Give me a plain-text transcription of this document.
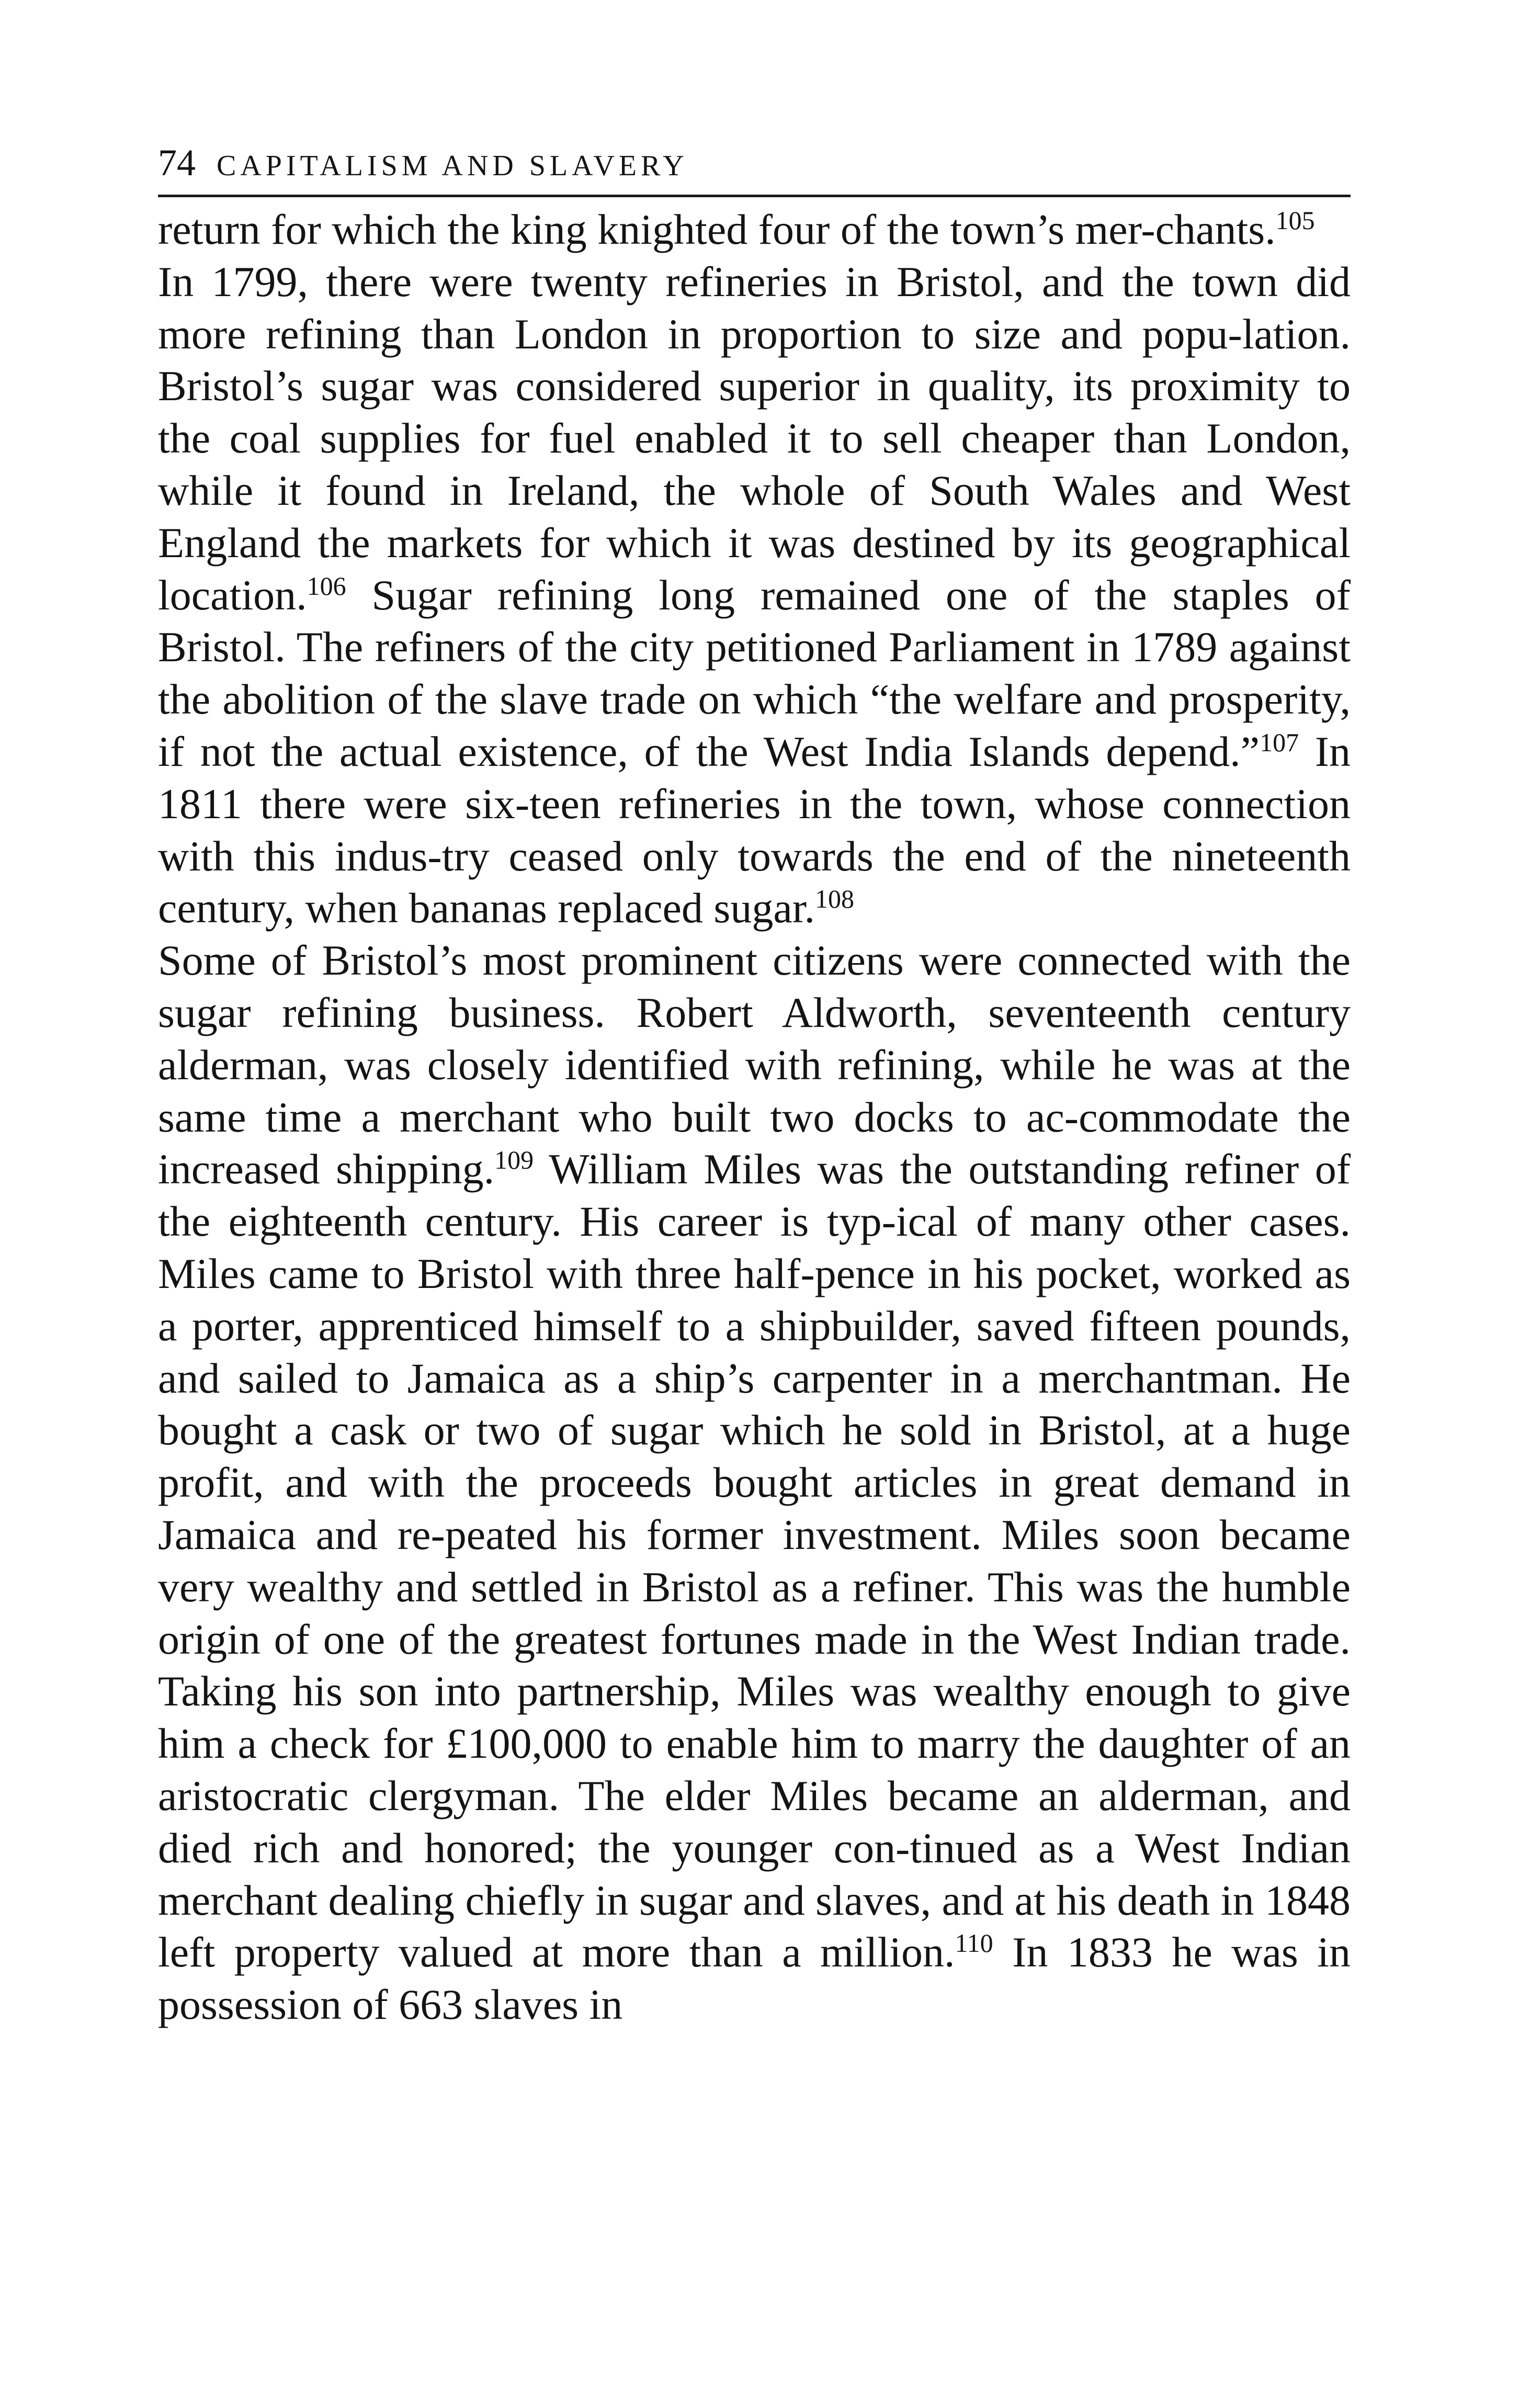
74 CAPITALISM AND SLAVERY

return for which the king knighted four of the town’s mer-chants.$^{105}$

In 1799, there were twenty refineries in Bristol, and the town did more refining than London in proportion to size and popu-lation. Bristol’s sugar was considered superior in quality, its proximity to the coal supplies for fuel enabled it to sell cheaper than London, while it found in Ireland, the whole of South Wales and West England the markets for which it was destined by its geographical location.$^{106}$ Sugar refining long remained one of the staples of Bristol. The refiners of the city petitioned Parliament in 1789 against the abolition of the slave trade on which “the welfare and prosperity, if not the actual existence, of the West India Islands depend.”$^{107}$ In 1811 there were six-teen refineries in the town, whose connection with this indus-try ceased only towards the end of the nineteenth century, when bananas replaced sugar.$^{108}$

Some of Bristol’s most prominent citizens were connected with the sugar refining business. Robert Aldworth, seventeenth century alderman, was closely identified with refining, while he was at the same time a merchant who built two docks to ac-commodate the increased shipping.$^{109}$ William Miles was the outstanding refiner of the eighteenth century. His career is typ-ical of many other cases. Miles came to Bristol with three half-pence in his pocket, worked as a porter, apprenticed himself to a shipbuilder, saved fifteen pounds, and sailed to Jamaica as a ship’s carpenter in a merchantman. He bought a cask or two of sugar which he sold in Bristol, at a huge profit, and with the proceeds bought articles in great demand in Jamaica and re-peated his former investment. Miles soon became very wealthy and settled in Bristol as a refiner. This was the humble origin of one of the greatest fortunes made in the West Indian trade. Taking his son into partnership, Miles was wealthy enough to give him a check for £100,000 to enable him to marry the daughter of an aristocratic clergyman. The elder Miles became an alderman, and died rich and honored; the younger con-tinued as a West Indian merchant dealing chiefly in sugar and slaves, and at his death in 1848 left property valued at more than a million.$^{110}$ In 1833 he was in possession of 663 slaves in
